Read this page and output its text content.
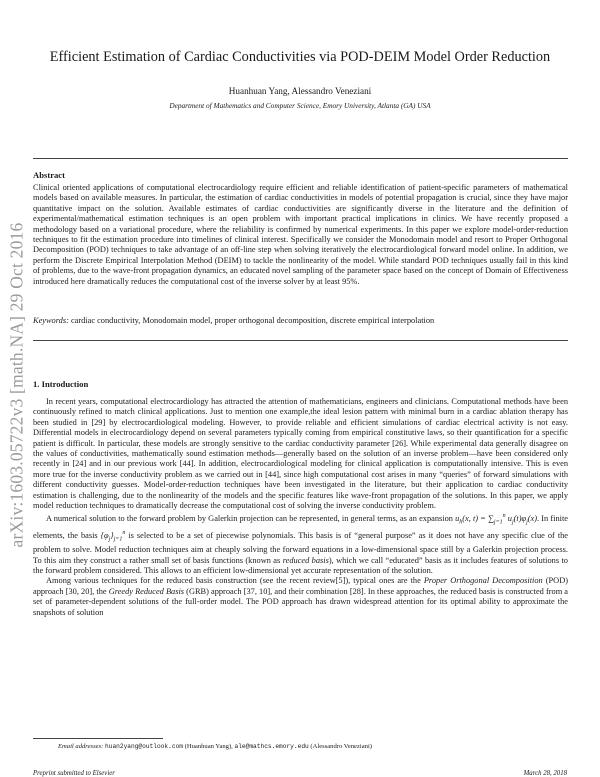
arXiv:1603.05722v3 [math.NA] 29 Oct 2016
Efficient Estimation of Cardiac Conductivities via POD-DEIM Model Order Reduction
Huanhuan Yang, Alessandro Veneziani
Department of Mathematics and Computer Science, Emory University, Atlanta (GA) USA
Abstract

Clinical oriented applications of computational electrocardiology require efficient and reliable identification of patient-specific parameters of mathematical models based on available measures. In particular, the estimation of cardiac conductivities in models of potential propagation is crucial, since they have major quantitative impact on the solution. Available estimates of cardiac conductivities are significantly diverse in the literature and the definition of experimental/mathematical estimation techniques is an open problem with important practical implications in clinics. We have recently proposed a methodology based on a variational procedure, where the reliability is confirmed by numerical experiments. In this paper we explore model-order-reduction techniques to fit the estimation procedure into timelines of clinical interest. Specifically we consider the Monodomain model and resort to Proper Orthogonal Decomposition (POD) techniques to take advantage of an off-line step when solving iteratively the electrocardiological forward model online. In addition, we perform the Discrete Empirical Interpolation Method (DEIM) to tackle the nonlinearity of the model. While standard POD techniques usually fail in this kind of problems, due to the wave-front propagation dynamics, an educated novel sampling of the parameter space based on the concept of Domain of Effectiveness introduced here dramatically reduces the computational cost of the inverse solver by at least 95%.

Keywords: cardiac conductivity, Monodomain model, proper orthogonal decomposition, discrete empirical interpolation
1. Introduction

In recent years, computational electrocardiology has attracted the attention of mathematicians, engineers and clinicians. Computational methods have been continuously refined to match clinical applications. Just to mention one example,the ideal lesion pattern with minimal burn in a cardiac ablation therapy has been studied in [29] by electrocardiological modeling. However, to provide reliable and efficient simulations of cardiac electrical activity is not easy. Differential models in electrocardiology depend on several parameters typically coming from empirical constitutive laws, so their quantification for a specific patient is difficult. In particular, these models are strongly sensitive to the cardiac conductivity parameter [26]. While experimental data generally disagree on the values of conductivities, mathematically sound estimation methods—generally based on the solution of an inverse problem—have been considered only recently in [24] and in our previous work [44]. In addition, electrocardiological modeling for clinical application is computationally intensive. This is even more true for the inverse conductivity problem as we carried out in [44], since high computational cost arises in many “queries” of forward simulations with different conductivity guesses. Model-order-reduction techniques have been investigated in the literature, but their application to cardiac conductivity estimation is challenging, due to the nonlinearity of the models and the specific features like wave-front propagation of the solutions. In this paper, we apply model reduction techniques to dramatically decrease the computational cost of solving the inverse conductivity problem.

A numerical solution to the forward problem by Galerkin projection can be represented, in general terms, as an expansion $u_h(x$, $t) = \sum_{j=1}^n$ $u_j(t)\varphi_j(x)$. In finite elements, the basis $\{\varphi_j\}_{j=1}^n$ is selected to be a set of piecewise polynomials. This basis is of “general purpose” as it does not have any specific clue of the problem to solve. Model reduction techniques aim at cheaply solving the forward equations in a low-dimensional space still by a Galerkin projection process. To this aim they construct a rather small set of basis functions (known as reduced basis), which we call “educated” basis as it includes features of solutions to the forward problem considered. This allows to an efficient low-dimensional yet accurate representation of the solution.

Among various techniques for the reduced basis construction (see the recent review[5]), typical ones are the Proper Orthogonal Decomposition (POD) approach [30, 20], the Greedy Reduced Basis (GRB) approach [37, 10], and their combination [28]. In these approaches, the reduced basis is constructed from a set of parameter-dependent solutions of the full-order model. The POD approach has drawn widespread attention for its optimal ability to approximate the snapshots of solution

Email addresses: huan2yang@outlook.com (Huanhuan Yang), ale@mathcs.emory.edu (Alessandro Veneziani)
Preprint submitted to Elsevier	March 28, 2018
